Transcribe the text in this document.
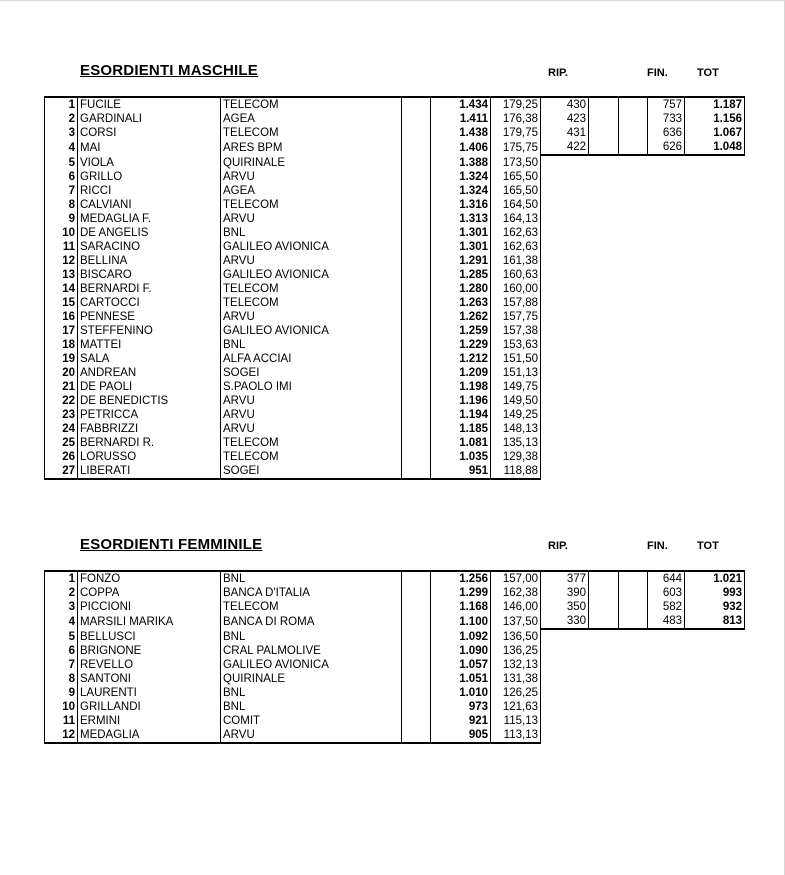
ESORDIENTI MASCHILE	RIP.	FIN.	TOT
1	FUCILE	TELECOM		1.434	179,25	430			757	1.187
2	GARDINALI	AGEA		1.411	176,38	423			733	1.156
3	CORSI	TELECOM		1.438	179,75	431			636	1.067
4	MAI	ARES BPM		1.406	175,75	422			626	1.048
5	VIOLA	QUIRINALE		1.388	173,50					
6	GRILLO	ARVU		1.324	165,50					
7	RICCI	AGEA		1.324	165,50					
8	CALVIANI	TELECOM		1.316	164,50					
9	MEDAGLIA F.	ARVU		1.313	164,13					
10	DE ANGELIS	BNL		1.301	162,63					
11	SARACINO	GALILEO AVIONICA		1.301	162,63					
12	BELLINA	ARVU		1.291	161,38					
13	BISCARO	GALILEO AVIONICA		1.285	160,63					
14	BERNARDI F.	TELECOM		1.280	160,00					
15	CARTOCCI	TELECOM		1.263	157,88					
16	PENNESE	ARVU		1.262	157,75					
17	STEFFENINO	GALILEO AVIONICA		1.259	157,38					
18	MATTEI	BNL		1.229	153,63					
19	SALA	ALFA ACCIAI		1.212	151,50					
20	ANDREAN	SOGEI		1.209	151,13					
21	DE PAOLI	S.PAOLO IMI		1.198	149,75					
22	DE BENEDICTIS	ARVU		1.196	149,50					
23	PETRICCA	ARVU		1.194	149,25					
24	FABBRIZZI	ARVU		1.185	148,13					
25	BERNARDI R.	TELECOM		1.081	135,13					
26	LORUSSO	TELECOM		1.035	129,38					
27	LIBERATI	SOGEI		951	118,88					
ESORDIENTI FEMMINILE	RIP.	FIN.	TOT
1	FONZO	BNL		1.256	157,00	377			644	1.021
2	COPPA	BANCA D'ITALIA		1.299	162,38	390			603	993
3	PICCIONI	TELECOM		1.168	146,00	350			582	932
4	MARSILI MARIKA	BANCA DI ROMA		1.100	137,50	330			483	813
5	BELLUSCI	BNL		1.092	136,50					
6	BRIGNONE	CRAL PALMOLIVE		1.090	136,25					
7	REVELLO	GALILEO AVIONICA		1.057	132,13					
8	SANTONI	QUIRINALE		1.051	131,38					
9	LAURENTI	BNL		1.010	126,25					
10	GRILLANDI	BNL		973	121,63					
11	ERMINI	COMIT		921	115,13					
12	MEDAGLIA	ARVU		905	113,13					
